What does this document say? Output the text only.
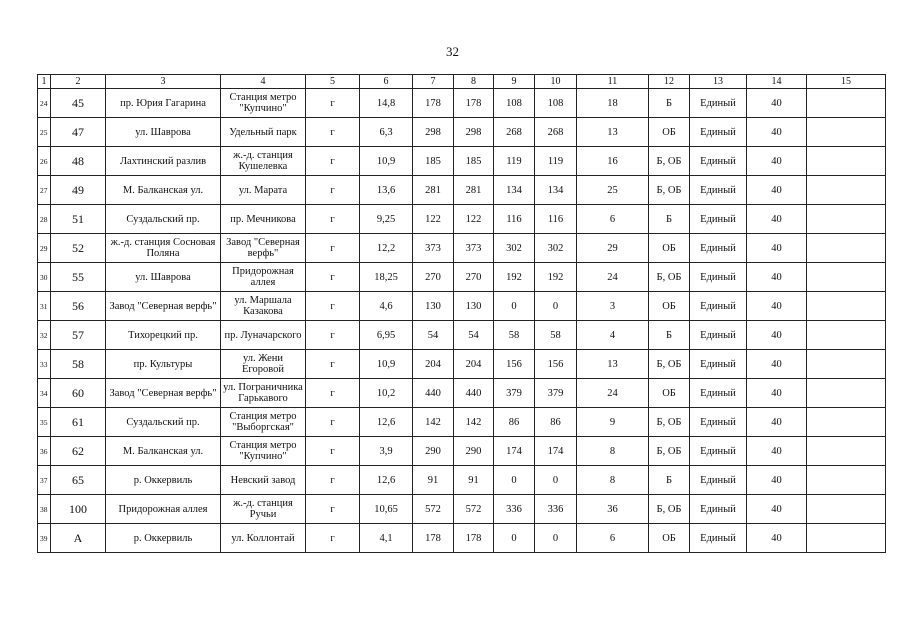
32
1	2	3	4	5	6	7	8	9	10	11	12	13	14	15
24	45	пр. Юрия Гагарина	Станция метро "Купчино"	г	14,8	178	178	108	108	18	Б	Единый	40	
25	47	ул. Шаврова	Удельный парк	г	6,3	298	298	268	268	13	ОБ	Единый	40	
26	48	Лахтинский разлив	ж.-д. станция Кушелевка	г	10,9	185	185	119	119	16	Б, ОБ	Единый	40	
27	49	М. Балканская ул.	ул. Марата	г	13,6	281	281	134	134	25	Б, ОБ	Единый	40	
28	51	Суздальский пр.	пр. Мечникова	г	9,25	122	122	116	116	6	Б	Единый	40	
29	52	ж.-д. станция Сосновая Поляна	Завод "Северная верфь"	г	12,2	373	373	302	302	29	ОБ	Единый	40	
30	55	ул. Шаврова	Придорожная аллея	г	18,25	270	270	192	192	24	Б, ОБ	Единый	40	
31	56	Завод "Северная верфь"	ул. Маршала Казакова	г	4,6	130	130	0	0	3	ОБ	Единый	40	
32	57	Тихорецкий пр.	пр. Луначарского	г	6,95	54	54	58	58	4	Б	Единый	40	
33	58	пр. Культуры	ул. Жени Егоровой	г	10,9	204	204	156	156	13	Б, ОБ	Единый	40	
34	60	Завод "Северная верфь"	ул. Пограничника Гарькавого	г	10,2	440	440	379	379	24	ОБ	Единый	40	
35	61	Суздальский пр.	Станция метро "Выборгская"	г	12,6	142	142	86	86	9	Б, ОБ	Единый	40	
36	62	М. Балканская ул.	Станция метро "Купчино"	г	3,9	290	290	174	174	8	Б, ОБ	Единый	40	
37	65	р. Оккервиль	Невский завод	г	12,6	91	91	0	0	8	Б	Единый	40	
38	100	Придорожная аллея	ж.-д. станция Ручьи	г	10,65	572	572	336	336	36	Б, ОБ	Единый	40	
39	А	р. Оккервиль	ул. Коллонтай	г	4,1	178	178	0	0	6	ОБ	Единый	40	
